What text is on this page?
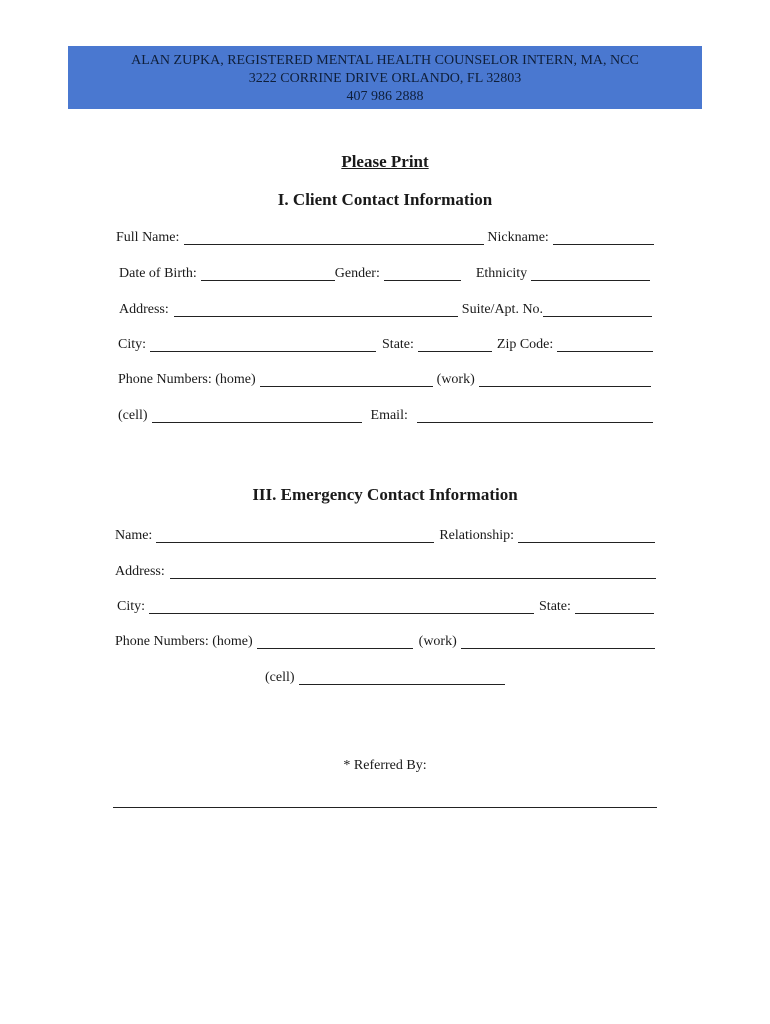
ALAN ZUPKA, REGISTERED MENTAL HEALTH COUNSELOR INTERN, MA, NCC
3222 CORRINE DRIVE ORLANDO, FL 32803
407 986 2888
Please Print
I. Client Contact Information
Full Name:	Nickname:
Date of Birth:	Gender:	Ethnicity
Address:	Suite/Apt. No.
City:	State:	Zip Code:
Phone Numbers: (home)	(work)
(cell)	Email:
III. Emergency Contact Information
Name:	Relationship:
Address:
City:	State:
Phone Numbers: (home)	(work)
(cell)
* Referred By:
